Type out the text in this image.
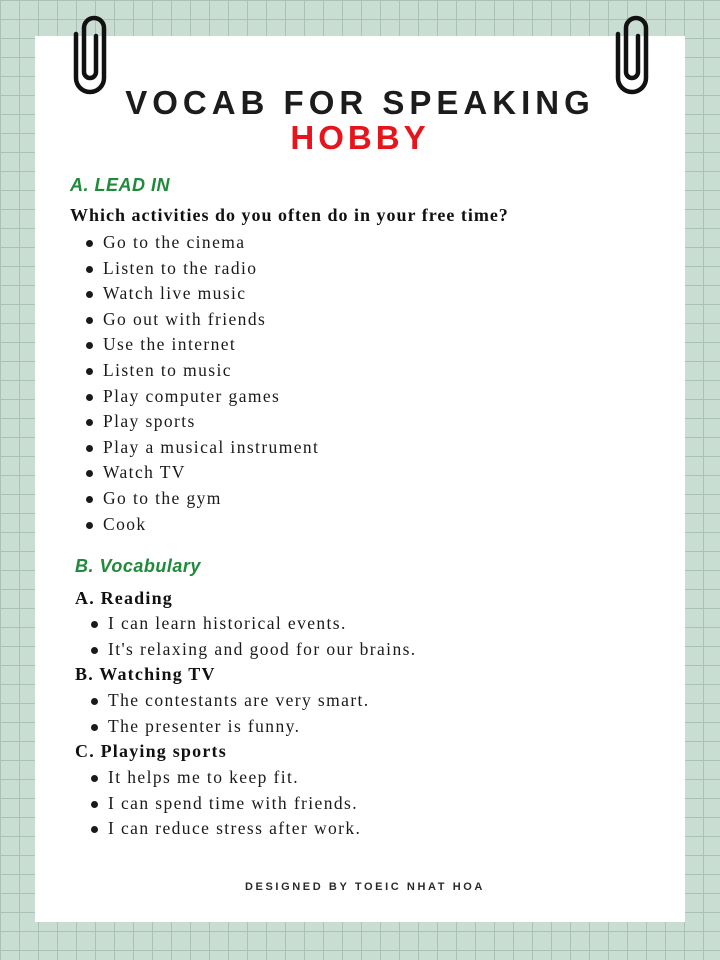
VOCAB FOR SPEAKING
HOBBY
A. LEAD IN
Which activities do you often do in your free time?
Go to the cinema
Listen to the radio
Watch live music
Go out with friends
Use the internet
Listen to music
Play computer games
Play sports
Play a musical instrument
Watch TV
Go to the gym
Cook
B. Vocabulary
A. Reading
I can learn historical events.
It's relaxing and good for our brains.
B. Watching TV
The contestants are very smart.
The presenter is funny.
C. Playing sports
It helps me to keep fit.
I can spend time with friends.
I can reduce stress after work.
DESIGNED BY TOEIC NHAT HOA
